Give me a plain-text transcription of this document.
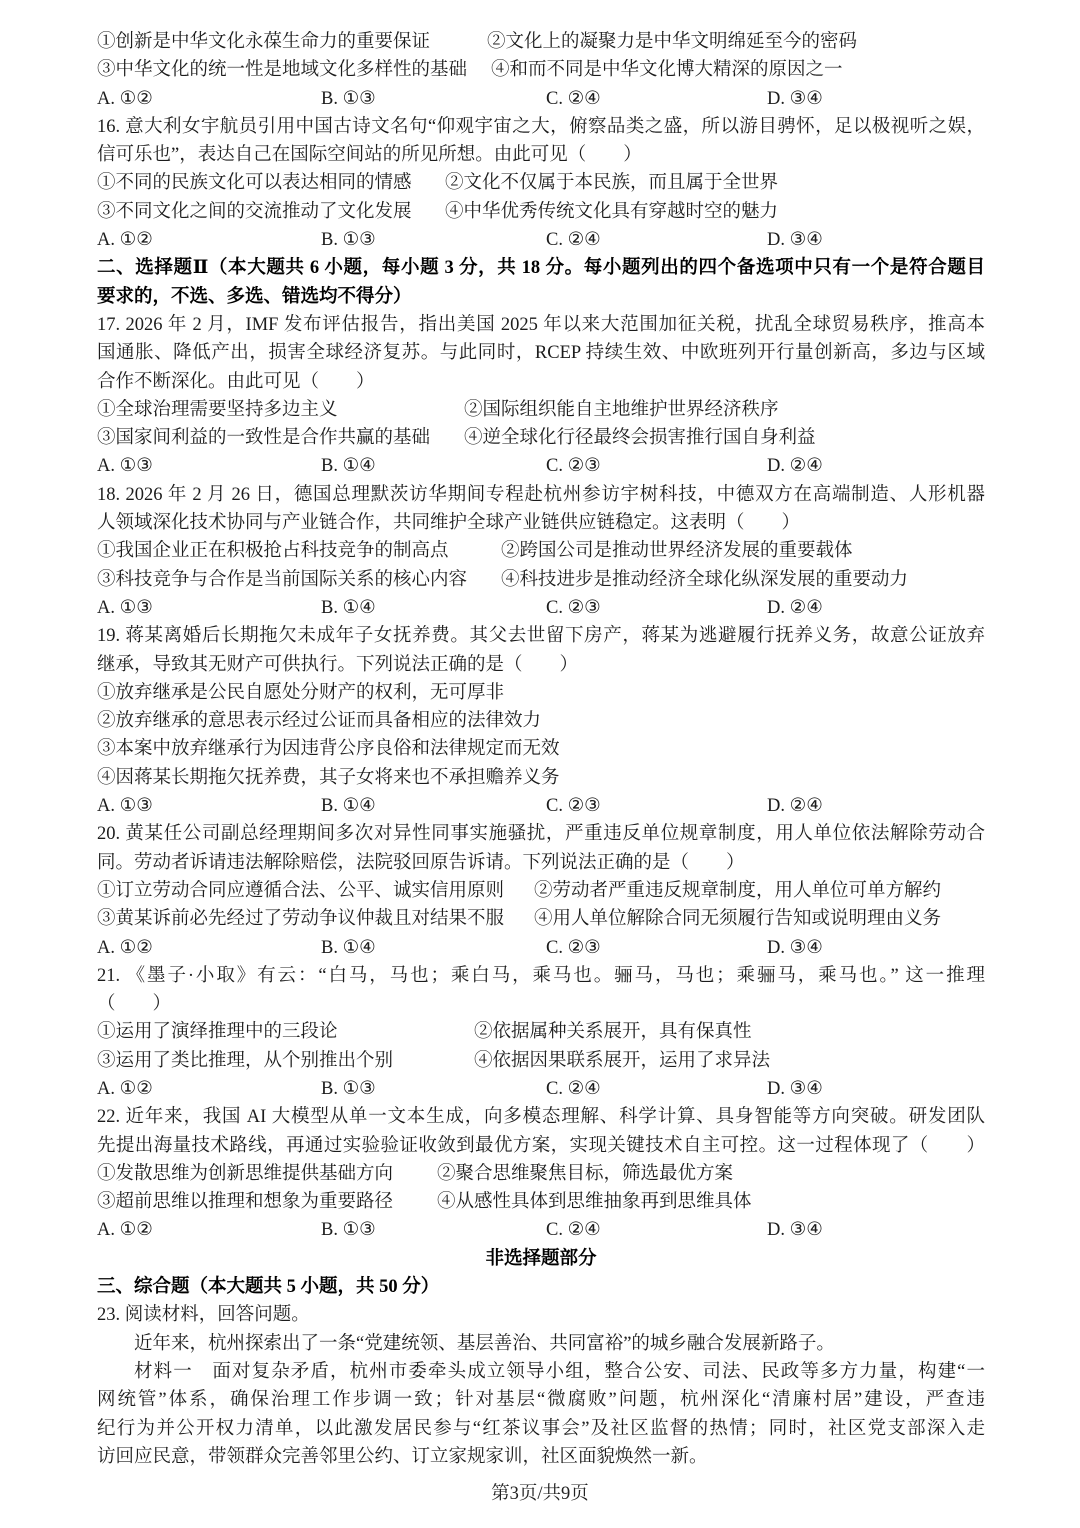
①创新是中华文化永葆生命力的重要保证	②文化上的凝聚力是中华文明绵延至今的密码
③中华文化的统一性是地域文化多样性的基础	④和而不同是中华文化博大精深的原因之一
A. ①②	B. ①③	C. ②④	D. ③④
16. 意大利女宇航员引用中国古诗文名句“仰观宇宙之大，俯察品类之盛，所以游目骋怀，足以极视听之娱，
信可乐也”，表达自己在国际空间站的所见所想。由此可见（　　）
①不同的民族文化可以表达相同的情感	②文化不仅属于本民族，而且属于全世界
③不同文化之间的交流推动了文化发展	④中华优秀传统文化具有穿越时空的魅力
A. ①②	B. ①③	C. ②④	D. ③④
二、选择题Ⅱ（本大题共 6 小题，每小题 3 分，共 18 分。每小题列出的四个备选项中只有一个是符合题目
要求的，不选、多选、错选均不得分）
17. 2026 年 2 月，IMF 发布评估报告，指出美国 2025 年以来大范围加征关税，扰乱全球贸易秩序，推高本
国通胀、降低产出，损害全球经济复苏。与此同时，RCEP 持续生效、中欧班列开行量创新高，多边与区域
合作不断深化。由此可见（　　）
①全球治理需要坚持多边主义	②国际组织能自主地维护世界经济秩序
③国家间利益的一致性是合作共赢的基础	④逆全球化行径最终会损害推行国自身利益
A. ①③	B. ①④	C. ②③	D. ②④
18. 2026 年 2 月 26 日，德国总理默茨访华期间专程赴杭州参访宇树科技，中德双方在高端制造、人形机器
人领域深化技术协同与产业链合作，共同维护全球产业链供应链稳定。这表明（　　）
①我国企业正在积极抢占科技竞争的制高点	②跨国公司是推动世界经济发展的重要载体
③科技竞争与合作是当前国际关系的核心内容	④科技进步是推动经济全球化纵深发展的重要动力
A. ①③	B. ①④	C. ②③	D. ②④
19. 蒋某离婚后长期拖欠未成年子女抚养费。其父去世留下房产，蒋某为逃避履行抚养义务，故意公证放弃
继承，导致其无财产可供执行。下列说法正确的是（　　）
①放弃继承是公民自愿处分财产的权利，无可厚非
②放弃继承的意思表示经过公证而具备相应的法律效力
③本案中放弃继承行为因违背公序良俗和法律规定而无效
④因蒋某长期拖欠抚养费，其子女将来也不承担赡养义务
A. ①③	B. ①④	C. ②③	D. ②④
20. 黄某任公司副总经理期间多次对异性同事实施骚扰，严重违反单位规章制度，用人单位依法解除劳动合
同。劳动者诉请违法解除赔偿，法院驳回原告诉请。下列说法正确的是（　　）
①订立劳动合同应遵循合法、公平、诚实信用原则	②劳动者严重违反规章制度，用人单位可单方解约
③黄某诉前必先经过了劳动争议仲裁且对结果不服	④用人单位解除合同无须履行告知或说明理由义务
A. ①②	B. ①④	C. ②③	D. ③④
21. 《墨子·小取》有云：“白马，马也；乘白马，乘马也。骊马，马也；乘骊马，乘马也。” 这一推理
（　　）
①运用了演绎推理中的三段论	②依据属种关系展开，具有保真性
③运用了类比推理，从个别推出个别	④依据因果联系展开，运用了求异法
A. ①②	B. ①③	C. ②④	D. ③④
22. 近年来，我国 AI 大模型从单一文本生成，向多模态理解、科学计算、具身智能等方向突破。研发团队
先提出海量技术路线，再通过实验验证收敛到最优方案，实现关键技术自主可控。这一过程体现了（　　）
①发散思维为创新思维提供基础方向	②聚合思维聚焦目标，筛选最优方案
③超前思维以推理和想象为重要路径	④从感性具体到思维抽象再到思维具体
A. ①②	B. ①③	C. ②④	D. ③④
非选择题部分
三、综合题（本大题共 5 小题，共 50 分）
23. 阅读材料，回答问题。
近年来，杭州探索出了一条“党建统领、基层善治、共同富裕”的城乡融合发展新路子。
材料一　面对复杂矛盾，杭州市委牵头成立领导小组，整合公安、司法、民政等多方力量，构建“一
网统管”体系，确保治理工作步调一致；针对基层“微腐败”问题，杭州深化“清廉村居”建设，严查违
纪行为并公开权力清单，以此激发居民参与“红茶议事会”及社区监督的热情；同时，社区党支部深入走
访回应民意，带领群众完善邻里公约、订立家规家训，社区面貌焕然一新。
第3页/共9页
